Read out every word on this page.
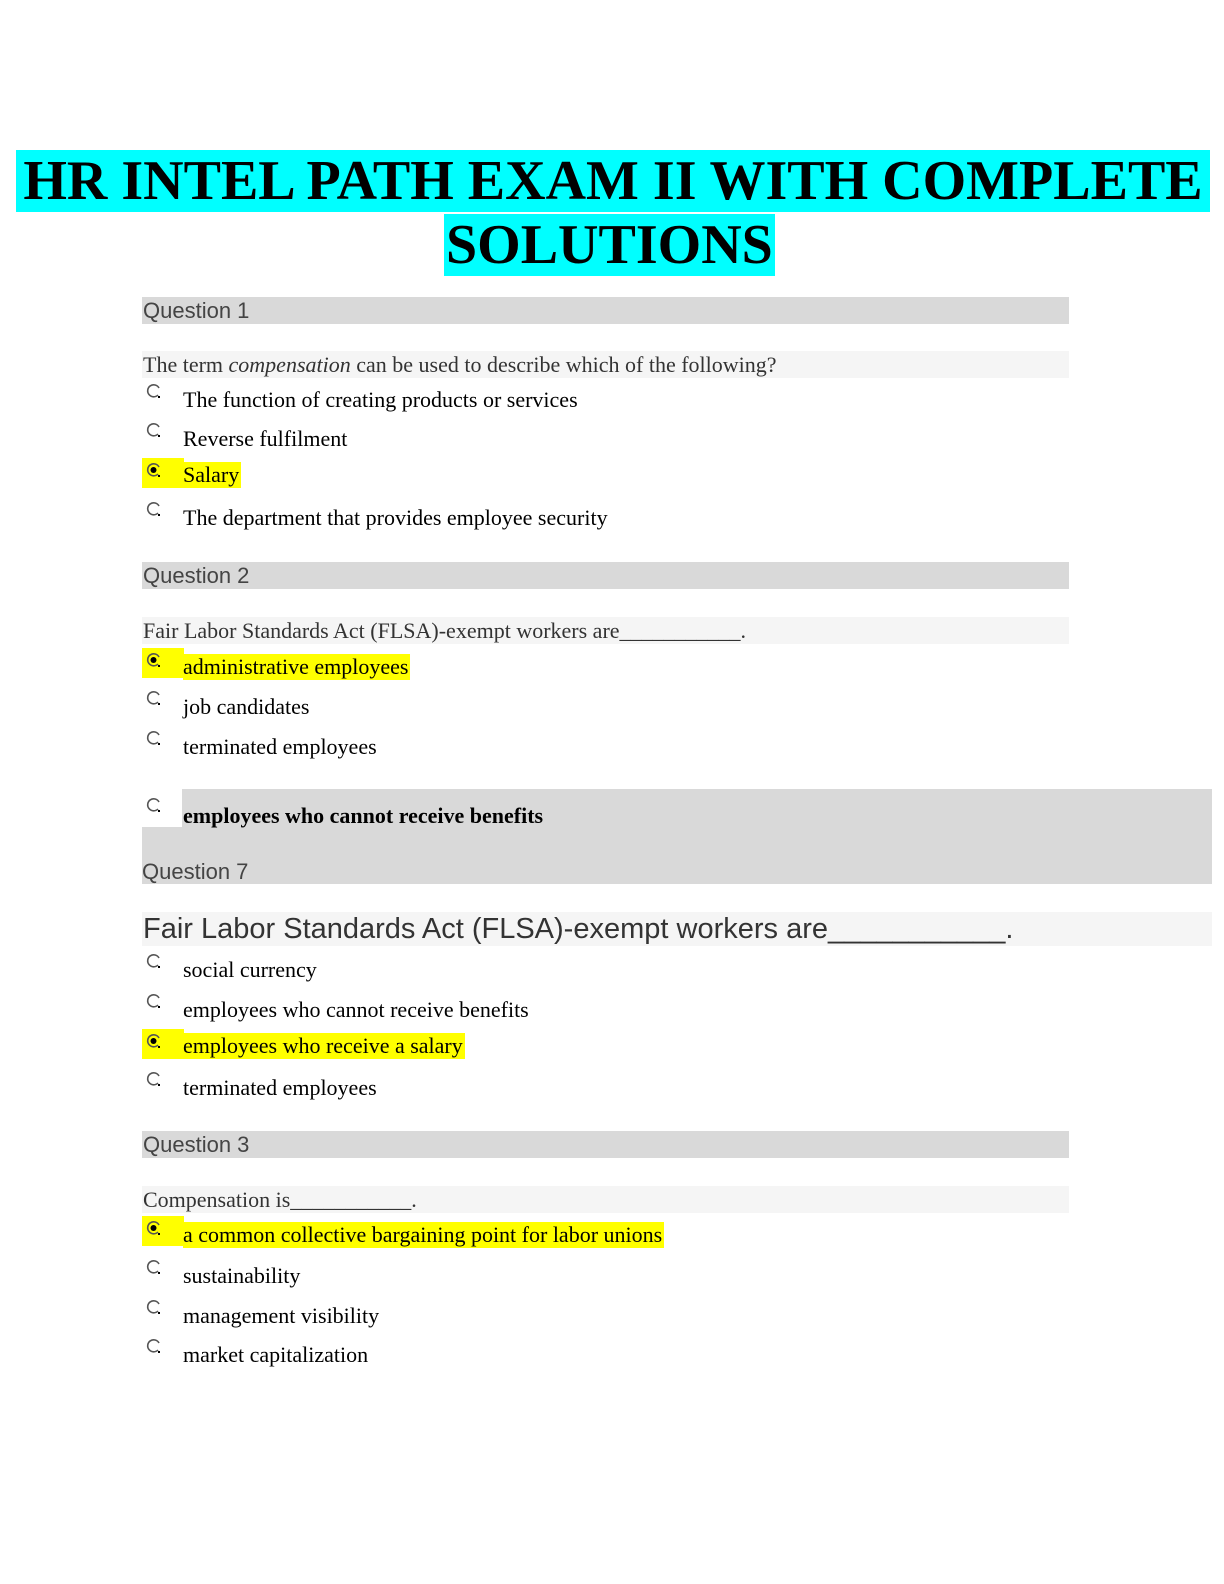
HR INTEL PATH EXAM II WITH COMPLETE
SOLUTIONS
Question 1
The term compensation can be used to describe which of the following?
The function of creating products or services
Reverse fulfilment
Salary
The department that provides employee security
Question 2
Fair Labor Standards Act (FLSA)-exempt workers are___________.
administrative employees
job candidates
terminated employees
employees who cannot receive benefits
Question 7
Fair Labor Standards Act (FLSA)-exempt workers are___________.
social currency
employees who cannot receive benefits
employees who receive a salary
terminated employees
Question 3
Compensation is___________.
a common collective bargaining point for labor unions
sustainability
management visibility
market capitalization
